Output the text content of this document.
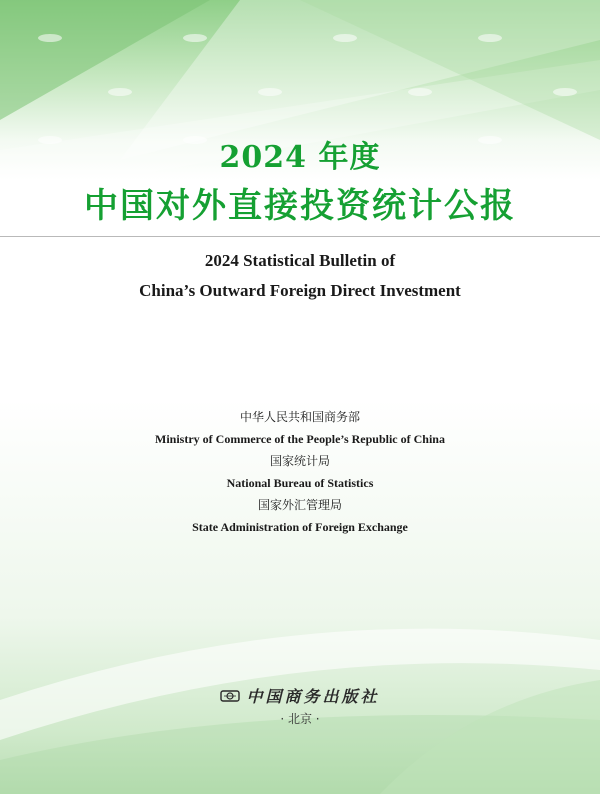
2024 年度
中国对外直接投资统计公报
2024 Statistical Bulletin of
China’s Outward Foreign Direct Investment
中华人民共和国商务部
Ministry of Commerce of the People’s Republic of China
国家统计局
National Bureau of Statistics
国家外汇管理局
State Administration of Foreign Exchange
中国商务出版社
· 北京 ·
